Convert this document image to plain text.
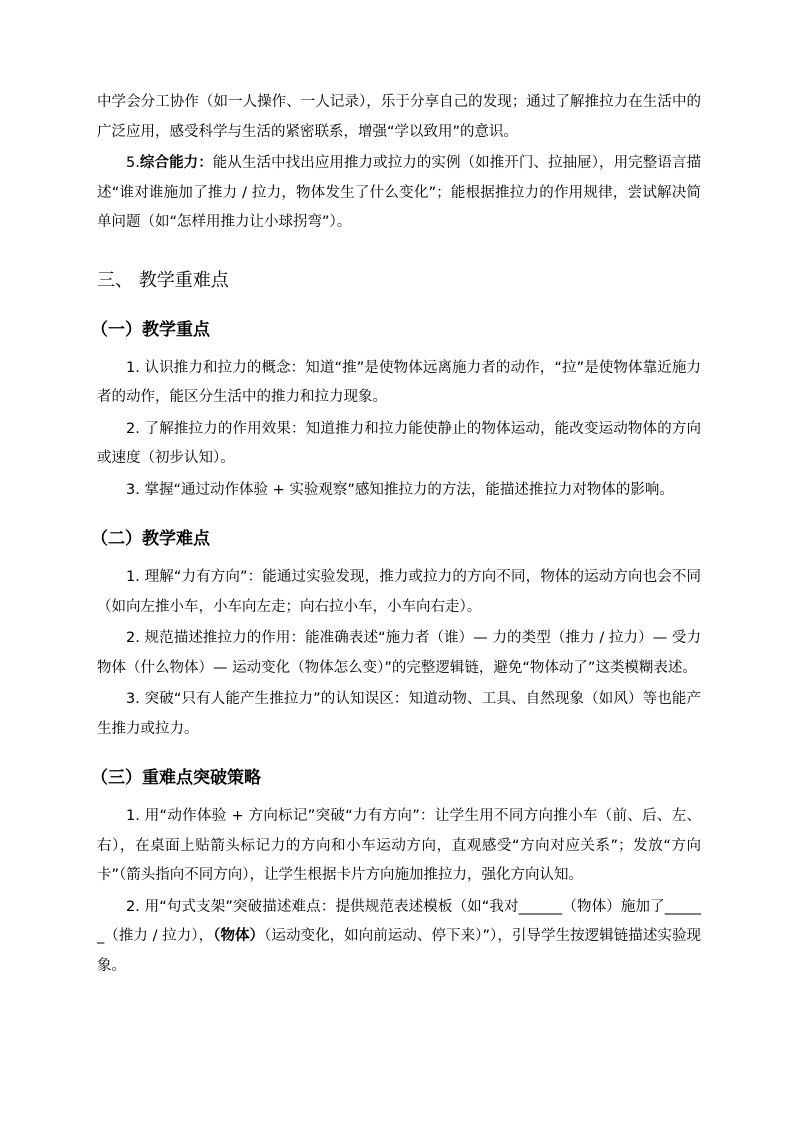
中学会分工协作（如一人操作、一人记录），乐于分享自己的发现；通过了解推拉力在生活中的广泛应用，感受科学与生活的紧密联系，增强“学以致用”的意识。

5.综合能力：能从生活中找出应用推力或拉力的实例（如推开门、拉抽屉），用完整语言描述“谁对谁施加了推力 / 拉力，物体发生了什么变化”；能根据推拉力的作用规律，尝试解决简单问题（如“怎样用推力让小球拐弯”）。

三、 教学重难点
（一）教学重点

1. 认识推力和拉力的概念：知道“推”是使物体远离施力者的动作，“拉”是使物体靠近施力者的动作，能区分生活中的推力和拉力现象。

2. 了解推拉力的作用效果：知道推力和拉力能使静止的物体运动，能改变运动物体的方向或速度（初步认知）。

3. 掌握“通过动作体验 + 实验观察”感知推拉力的方法，能描述推拉力对物体的影响。

（二）教学难点

1. 理解“力有方向”：能通过实验发现，推力或拉力的方向不同，物体的运动方向也会不同（如向左推小车，小车向左走；向右拉小车，小车向右走）。

2. 规范描述推拉力的作用：能准确表述“施力者（谁）— 力的类型（推力 / 拉力）— 受力物体（什么物体）— 运动变化（物体怎么变）”的完整逻辑链，避免“物体动了”这类模糊表述。

3. 突破“只有人能产生推拉力”的认知误区：知道动物、工具、自然现象（如风）等也能产生推力或拉力。

（三）重难点突破策略

1. 用“动作体验 + 方向标记”突破“力有方向”：让学生用不同方向推小车（前、后、左、右），在桌面上贴箭头标记力的方向和小车运动方向，直观感受“方向对应关系”；发放“方向卡”（箭头指向不同方向），让学生根据卡片方向施加推拉力，强化方向认知。

2. 用“句式支架”突破描述难点：提供规范表述模板（如“我对______（物体）施加了______（推力 / 拉力），（物体）（运动变化，如向前运动、停下来）”），引导学生按逻辑链描述实验现象。
